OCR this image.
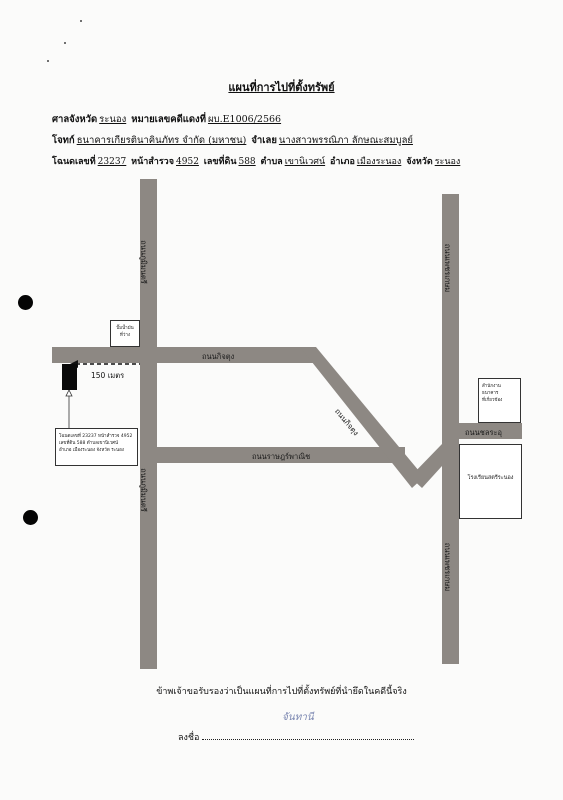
แผนที่การไปที่ตั้งทรัพย์
ศาลจังหวัด ระนอง หมายเลขคดีแดงที่ ผบ.E1006/2566
โจทก์ ธนาคารเกียรตินาคินภัทร จำกัด (มหาชน) จำเลย นางสาวพรรณิภา ลักษณะสมบูลย์
โฉนดเลขที่ 23237 หน้าสำรวจ 4952 เลขที่ดิน 588 ตำบล เขานิเวศน์ อำเภอ เมืองระนอง จังหวัด ระนอง
ถนนภูมิมนตรี
ถนนภูมิมนตรี
ถนนเพชรเกษม
ถนนเพชรเกษม
ถนนกิจตุง
ถนนราษฎร์พาณิช
ถนนชลระอุ
ถนนกิจตุง
150 เมตร
ปั๊มน้ำมัน
ที่ว่าง
สำนักงาน
ธนาคาร
ที่เกี่ยวข้อง
โรงเรียนสตรีระนอง
โฉนดเลขที่ 23237 หน้าสำรวจ 4952
เลขที่ดิน 588 ตำบลเขานิเวศน์
อำเภอ เมืองระนอง จังหวัด ระนอง
ข้าพเจ้าขอรับรองว่าเป็นแผนที่การไปที่ตั้งทรัพย์ที่นำยึดในคดีนี้จริง
จันทานี
ลงชื่อ
